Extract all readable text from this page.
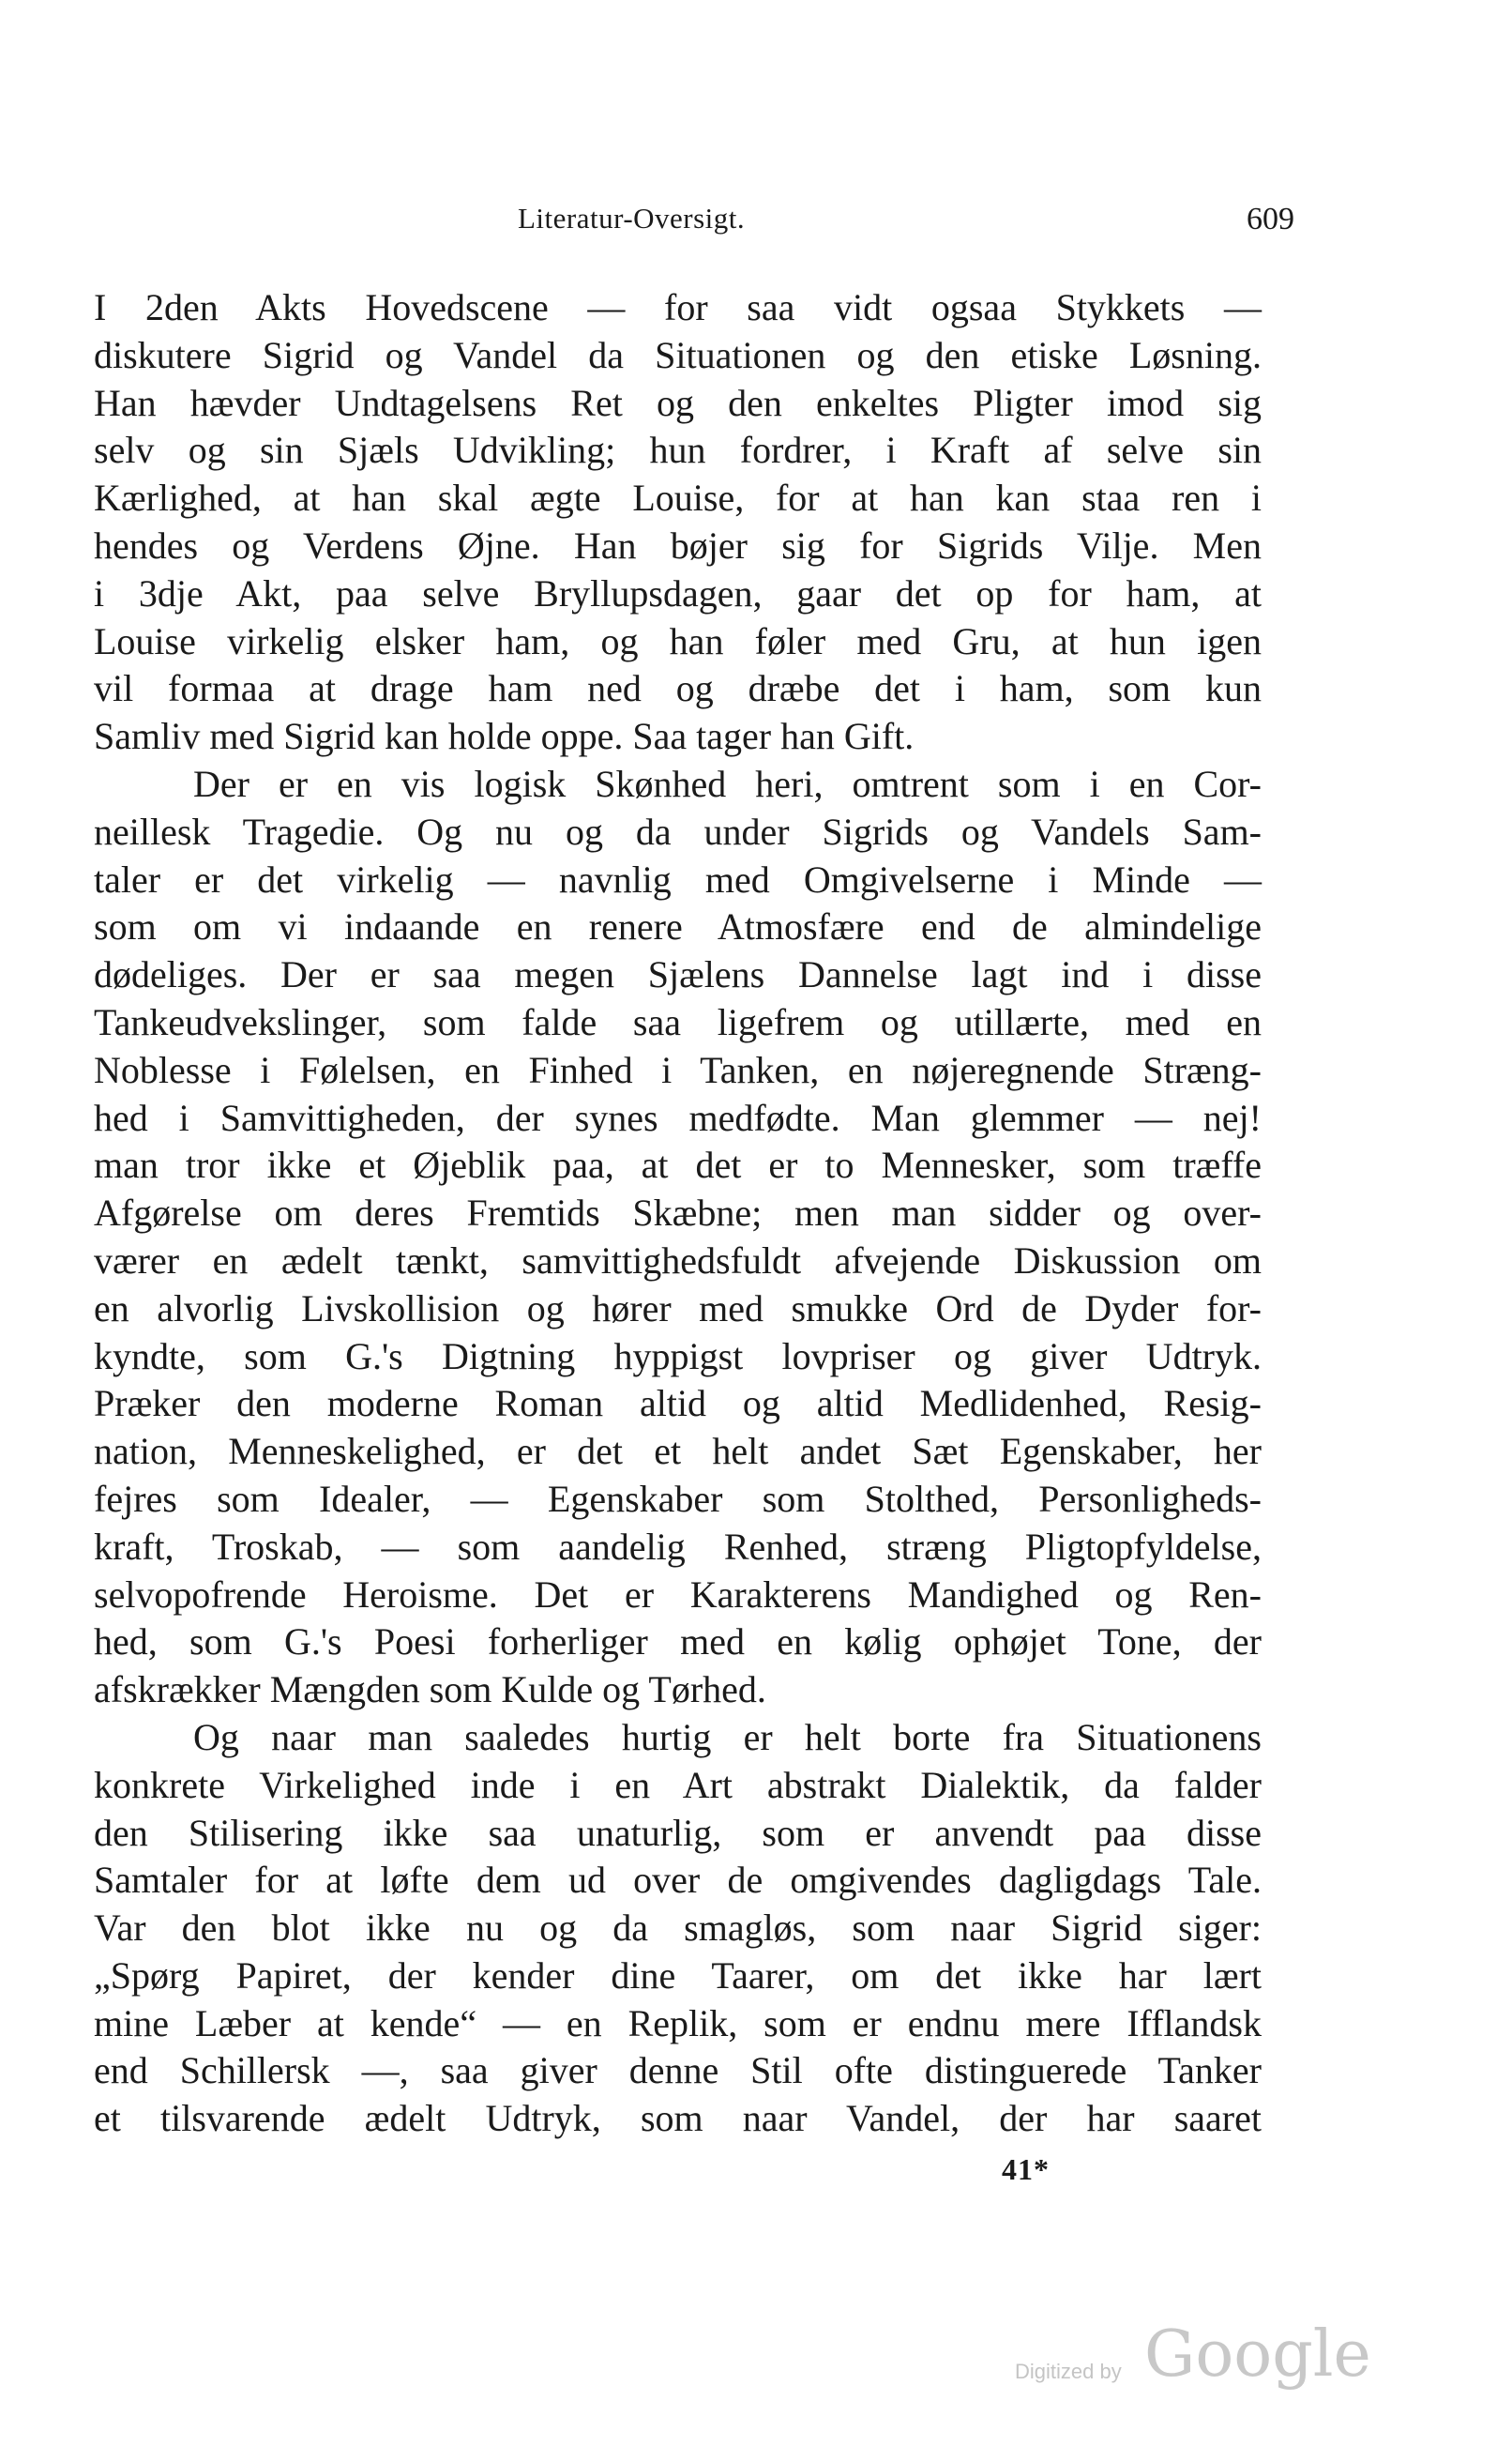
Literatur-Oversigt.	609
I 2den Akts Hovedscene — for saa vidt ogsaa Stykkets —
diskutere Sigrid og Vandel da Situationen og den etiske Løsning.
Han hævder Undtagelsens Ret og den enkeltes Pligter imod sig
selv og sin Sjæls Udvikling; hun fordrer, i Kraft af selve sin
Kærlighed, at han skal ægte Louise, for at han kan staa ren i
hendes og Verdens Øjne. Han bøjer sig for Sigrids Vilje. Men
i 3dje Akt, paa selve Bryllupsdagen, gaar det op for ham, at
Louise virkelig elsker ham, og han føler med Gru, at hun igen
vil formaa at drage ham ned og dræbe det i ham, som kun
Samliv med Sigrid kan holde oppe. Saa tager han Gift.
Der er en vis logisk Skønhed heri, omtrent som i en Cor-
neillesk Tragedie. Og nu og da under Sigrids og Vandels Sam-
taler er det virkelig — navnlig med Omgivelserne i Minde —
som om vi indaande en renere Atmosfære end de almindelige
dødeliges. Der er saa megen Sjælens Dannelse lagt ind i disse
Tankeudvekslinger, som falde saa ligefrem og utillærte, med en
Noblesse i Følelsen, en Finhed i Tanken, en nøjeregnende Stræng-
hed i Samvittigheden, der synes medfødte. Man glemmer — nej!
man tror ikke et Øjeblik paa, at det er to Mennesker, som træffe
Afgørelse om deres Fremtids Skæbne; men man sidder og over-
værer en ædelt tænkt, samvittighedsfuldt afvejende Diskussion om
en alvorlig Livskollision og hører med smukke Ord de Dyder for-
kyndte, som G.'s Digtning hyppigst lovpriser og giver Udtryk.
Præker den moderne Roman altid og altid Medlidenhed, Resig-
nation, Menneskelighed, er det et helt andet Sæt Egenskaber, her
fejres som Idealer, — Egenskaber som Stolthed, Personligheds-
kraft, Troskab, — som aandelig Renhed, stræng Pligtopfyldelse,
selvopofrende Heroisme. Det er Karakterens Mandighed og Ren-
hed, som G.'s Poesi forherliger med en kølig ophøjet Tone, der
afskrækker Mængden som Kulde og Tørhed.
Og naar man saaledes hurtig er helt borte fra Situationens
konkrete Virkelighed inde i en Art abstrakt Dialektik, da falder
den Stilisering ikke saa unaturlig, som er anvendt paa disse
Samtaler for at løfte dem ud over de omgivendes dagligdags Tale.
Var den blot ikke nu og da smagløs, som naar Sigrid siger:
„Spørg Papiret, der kender dine Taarer, om det ikke har lært
mine Læber at kende“ — en Replik, som er endnu mere Ifflandsk
end Schillersk —, saa giver denne Stil ofte distinguerede Tanker
et tilsvarende ædelt Udtryk, som naar Vandel, der har saaret
41*
Digitized by Google
